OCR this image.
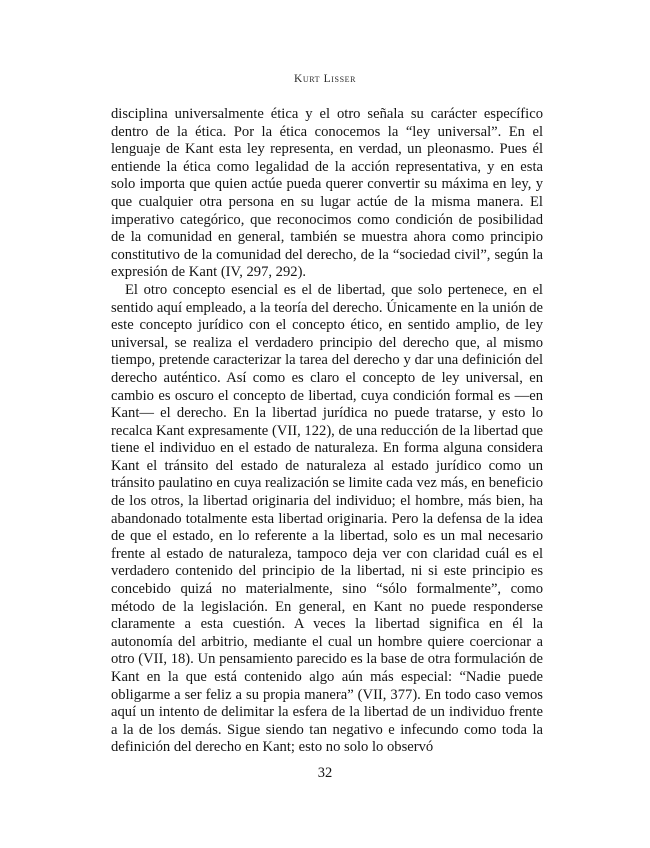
Kurt Lisser

disciplina universalmente ética y el otro señala su carácter específico dentro de la ética. Por la ética conocemos la “ley universal”. En el lenguaje de Kant esta ley representa, en verdad, un pleonasmo. Pues él entiende la ética como legalidad de la acción representativa, y en esta solo importa que quien actúe pueda querer convertir su máxima en ley, y que cualquier otra persona en su lugar actúe de la misma manera. El imperativo categórico, que reconocimos como condición de posibilidad de la comunidad en general, también se muestra ahora como principio constitutivo de la comunidad del derecho, de la “sociedad civil”, según la expresión de Kant (IV, 297, 292).

El otro concepto esencial es el de libertad, que solo pertenece, en el sentido aquí empleado, a la teoría del derecho. Únicamente en la unión de este concepto jurídico con el concepto ético, en sentido amplio, de ley universal, se realiza el verdadero principio del derecho que, al mismo tiempo, pretende caracterizar la tarea del derecho y dar una definición del derecho auténtico. Así como es claro el concepto de ley universal, en cambio es oscuro el concepto de libertad, cuya condición formal es —en Kant— el derecho. En la libertad jurídica no puede tratarse, y esto lo recalca Kant expresamente (VII, 122), de una reducción de la libertad que tiene el individuo en el estado de naturaleza. En forma alguna considera Kant el tránsito del estado de naturaleza al estado jurídico como un tránsito paulatino en cuya realización se limite cada vez más, en beneficio de los otros, la libertad originaria del individuo; el hombre, más bien, ha abandonado totalmente esta libertad originaria. Pero la defensa de la idea de que el estado, en lo referente a la libertad, solo es un mal necesario frente al estado de naturaleza, tampoco deja ver con claridad cuál es el verdadero contenido del principio de la libertad, ni si este principio es concebido quizá no materialmente, sino “sólo formalmente”, como método de la legislación. En general, en Kant no puede responderse claramente a esta cuestión. A veces la libertad significa en él la autonomía del arbitrio, mediante el cual un hombre quiere coercionar a otro (VII, 18). Un pensamiento parecido es la base de otra formulación de Kant en la que está contenido algo aún más especial: “Nadie puede obligarme a ser feliz a su propia manera” (VII, 377). En todo caso vemos aquí un intento de delimitar la esfera de la libertad de un individuo frente a la de los demás. Sigue siendo tan negativo e infecundo como toda la definición del derecho en Kant; esto no solo lo observó

32
